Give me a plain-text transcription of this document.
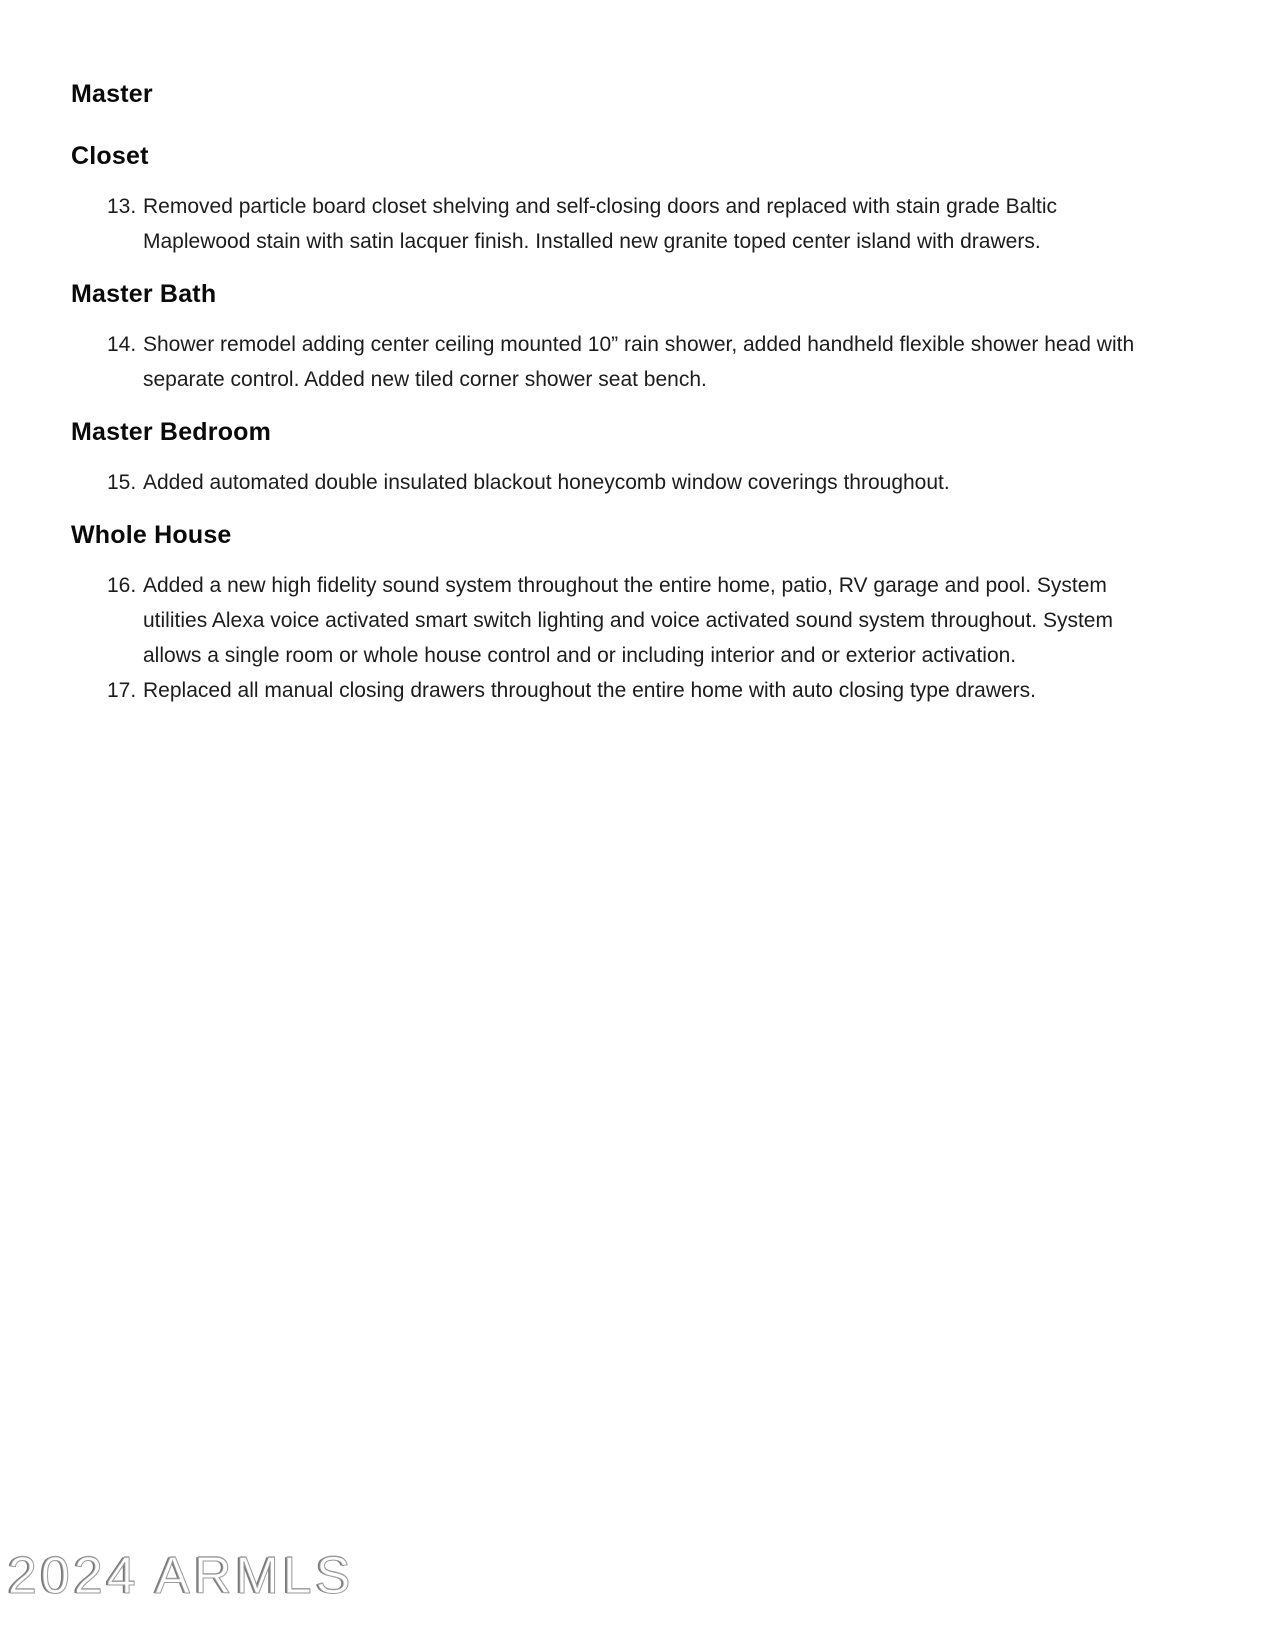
Master
Closet
13. Removed particle board closet shelving and self-closing doors and replaced with stain grade Baltic Maplewood stain with satin lacquer finish. Installed new granite toped center island with drawers.
Master Bath
14. Shower remodel adding center ceiling mounted 10” rain shower, added handheld flexible shower head with separate control. Added new tiled corner shower seat bench.
Master Bedroom
15. Added automated double insulated blackout honeycomb window coverings throughout.
Whole House
16. Added a new high fidelity sound system throughout the entire home, patio, RV garage and pool. System utilities Alexa voice activated smart switch lighting and voice activated sound system throughout. System allows a single room or whole house control and or including interior and or exterior activation.
17. Replaced all manual closing drawers throughout the entire home with auto closing type drawers.
2024 ARMLS
